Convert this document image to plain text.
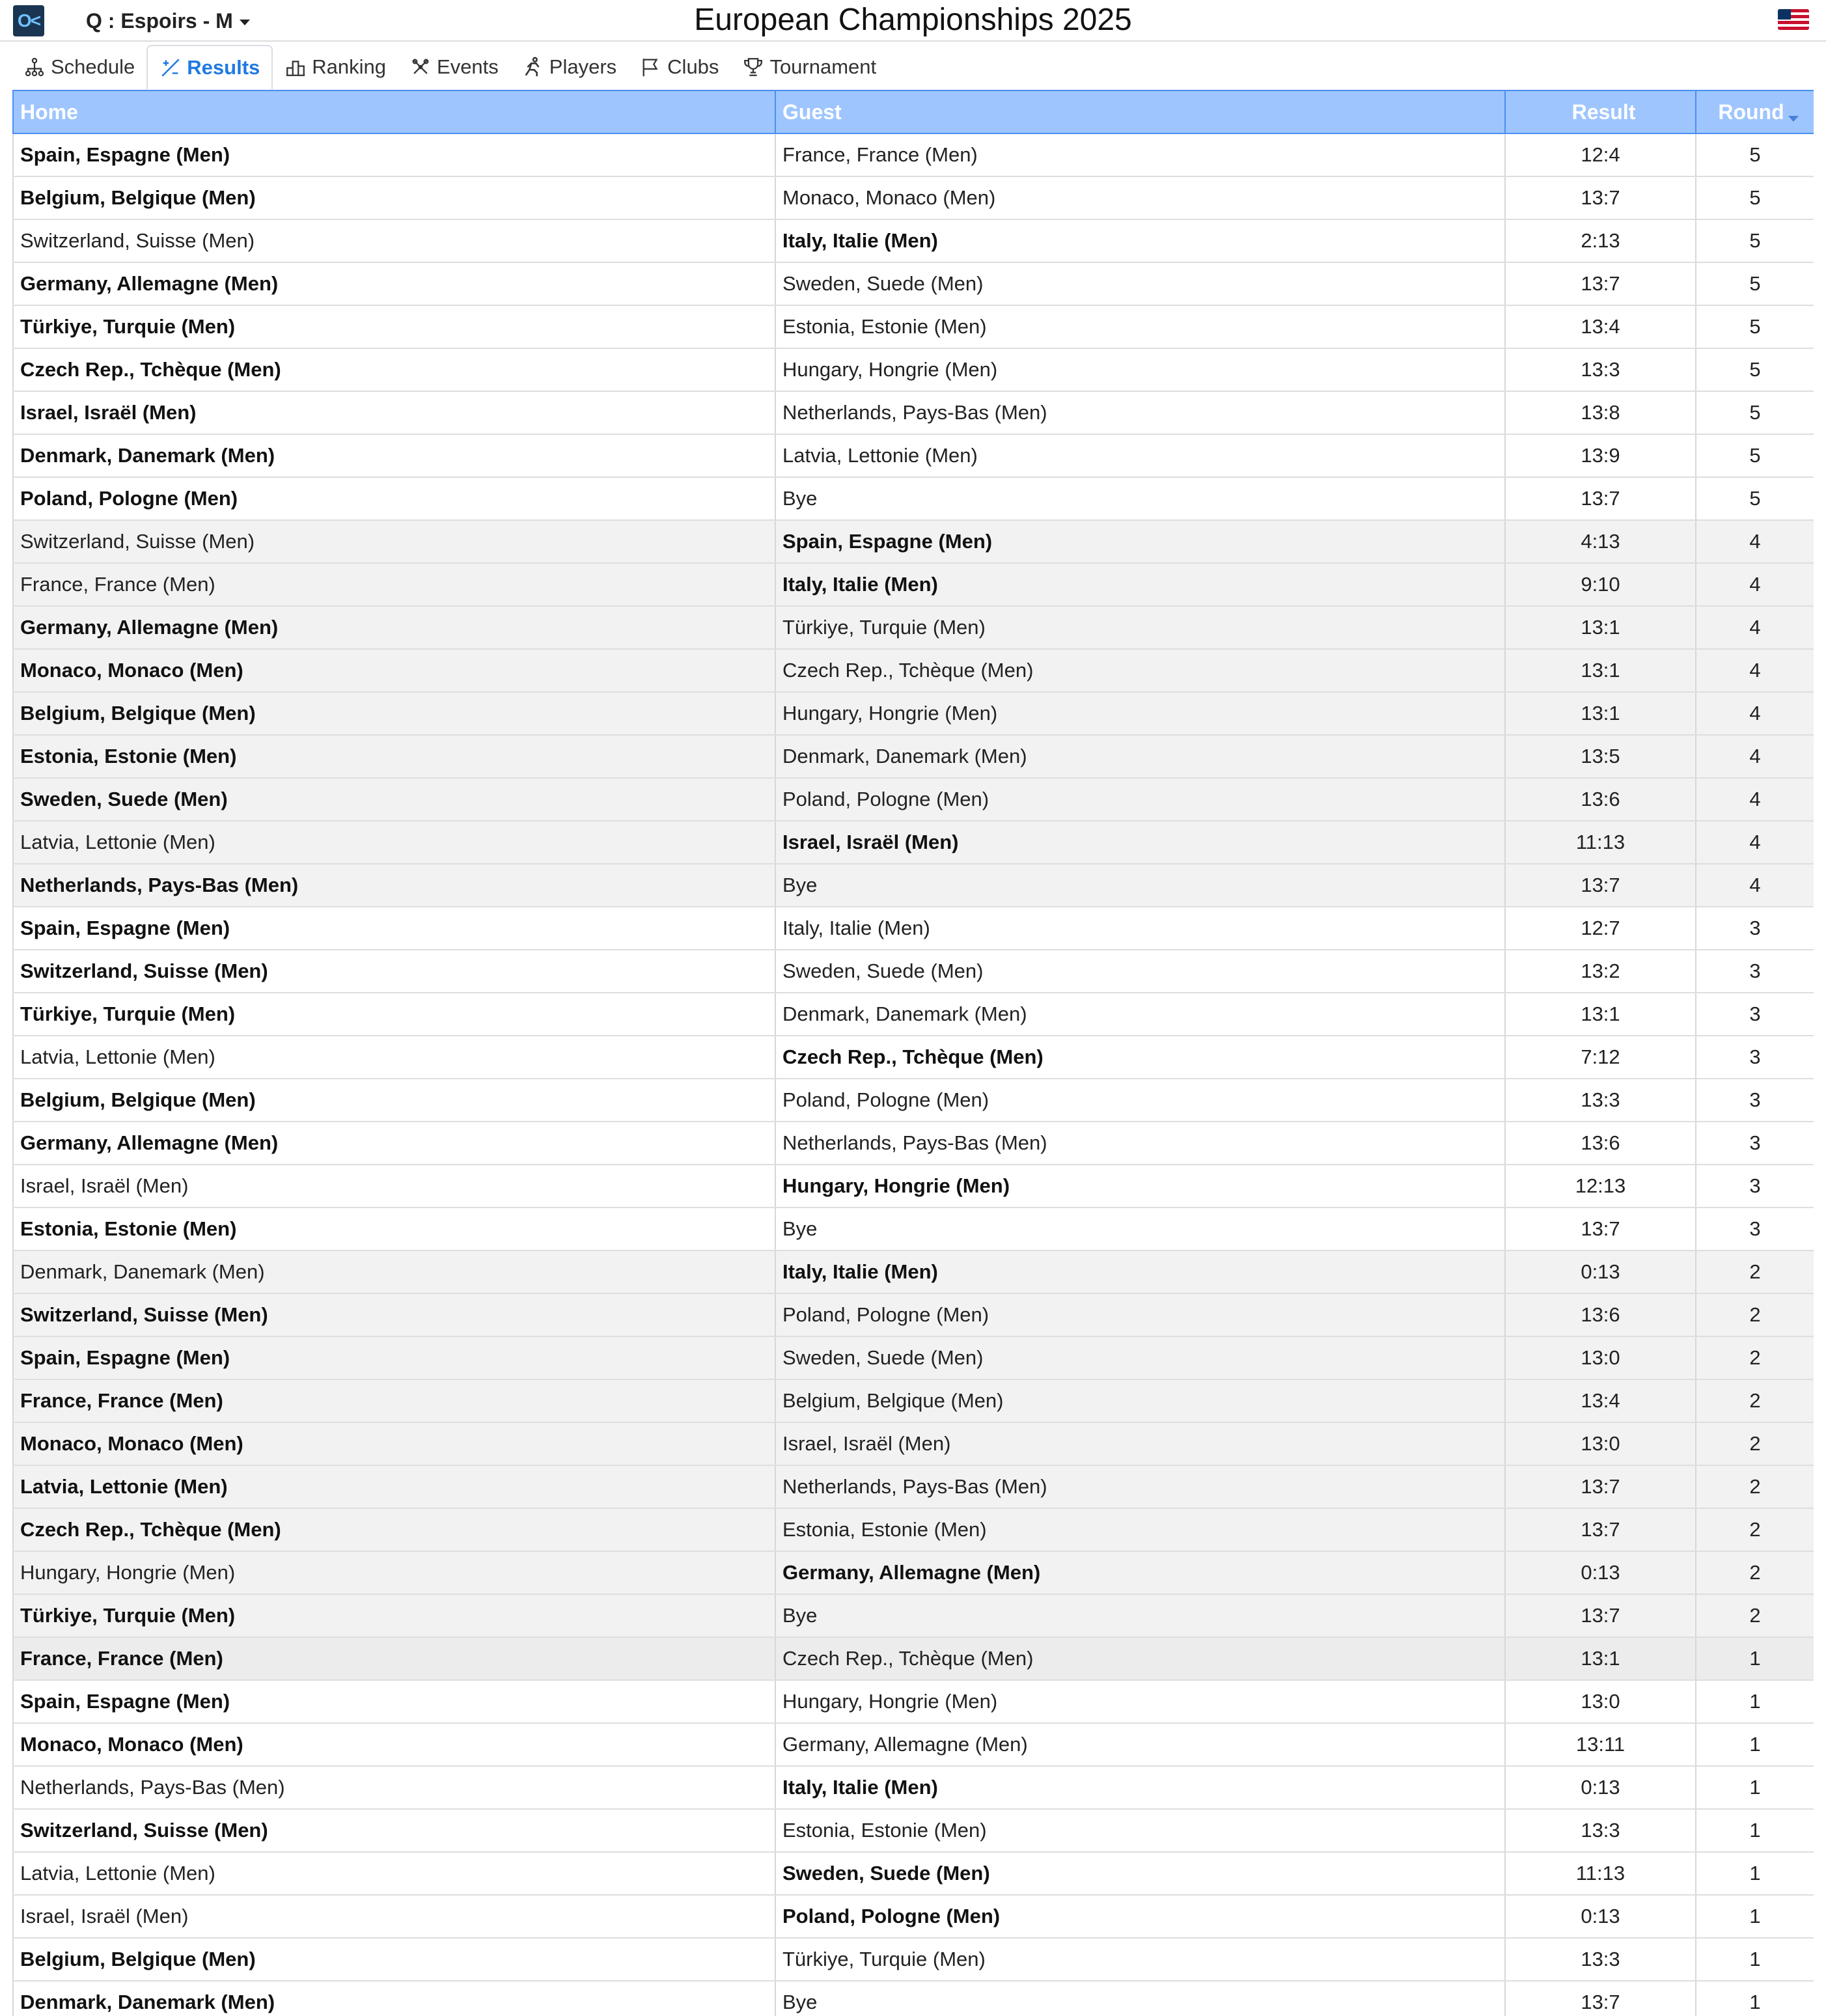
O< Q : Espoirs - M	European Championships 2025
Schedule	Results	Ranking	Events	Players	Clubs	Tournament
Home	Guest	Result	Round
Spain, Espagne (Men)	France, France (Men)	12:4	5
Belgium, Belgique (Men)	Monaco, Monaco (Men)	13:7	5
Switzerland, Suisse (Men)	Italy, Italie (Men)	2:13	5
Germany, Allemagne (Men)	Sweden, Suede (Men)	13:7	5
Türkiye, Turquie (Men)	Estonia, Estonie (Men)	13:4	5
Czech Rep., Tchèque (Men)	Hungary, Hongrie (Men)	13:3	5
Israel, Israël (Men)	Netherlands, Pays-Bas (Men)	13:8	5
Denmark, Danemark (Men)	Latvia, Lettonie (Men)	13:9	5
Poland, Pologne (Men)	Bye	13:7	5
Switzerland, Suisse (Men)	Spain, Espagne (Men)	4:13	4
France, France (Men)	Italy, Italie (Men)	9:10	4
Germany, Allemagne (Men)	Türkiye, Turquie (Men)	13:1	4
Monaco, Monaco (Men)	Czech Rep., Tchèque (Men)	13:1	4
Belgium, Belgique (Men)	Hungary, Hongrie (Men)	13:1	4
Estonia, Estonie (Men)	Denmark, Danemark (Men)	13:5	4
Sweden, Suede (Men)	Poland, Pologne (Men)	13:6	4
Latvia, Lettonie (Men)	Israel, Israël (Men)	11:13	4
Netherlands, Pays-Bas (Men)	Bye	13:7	4
Spain, Espagne (Men)	Italy, Italie (Men)	12:7	3
Switzerland, Suisse (Men)	Sweden, Suede (Men)	13:2	3
Türkiye, Turquie (Men)	Denmark, Danemark (Men)	13:1	3
Latvia, Lettonie (Men)	Czech Rep., Tchèque (Men)	7:12	3
Belgium, Belgique (Men)	Poland, Pologne (Men)	13:3	3
Germany, Allemagne (Men)	Netherlands, Pays-Bas (Men)	13:6	3
Israel, Israël (Men)	Hungary, Hongrie (Men)	12:13	3
Estonia, Estonie (Men)	Bye	13:7	3
Denmark, Danemark (Men)	Italy, Italie (Men)	0:13	2
Switzerland, Suisse (Men)	Poland, Pologne (Men)	13:6	2
Spain, Espagne (Men)	Sweden, Suede (Men)	13:0	2
France, France (Men)	Belgium, Belgique (Men)	13:4	2
Monaco, Monaco (Men)	Israel, Israël (Men)	13:0	2
Latvia, Lettonie (Men)	Netherlands, Pays-Bas (Men)	13:7	2
Czech Rep., Tchèque (Men)	Estonia, Estonie (Men)	13:7	2
Hungary, Hongrie (Men)	Germany, Allemagne (Men)	0:13	2
Türkiye, Turquie (Men)	Bye	13:7	2
France, France (Men)	Czech Rep., Tchèque (Men)	13:1	1
Spain, Espagne (Men)	Hungary, Hongrie (Men)	13:0	1
Monaco, Monaco (Men)	Germany, Allemagne (Men)	13:11	1
Netherlands, Pays-Bas (Men)	Italy, Italie (Men)	0:13	1
Switzerland, Suisse (Men)	Estonia, Estonie (Men)	13:3	1
Latvia, Lettonie (Men)	Sweden, Suede (Men)	11:13	1
Israel, Israël (Men)	Poland, Pologne (Men)	0:13	1
Belgium, Belgique (Men)	Türkiye, Turquie (Men)	13:3	1
Denmark, Danemark (Men)	Bye	13:7	1
